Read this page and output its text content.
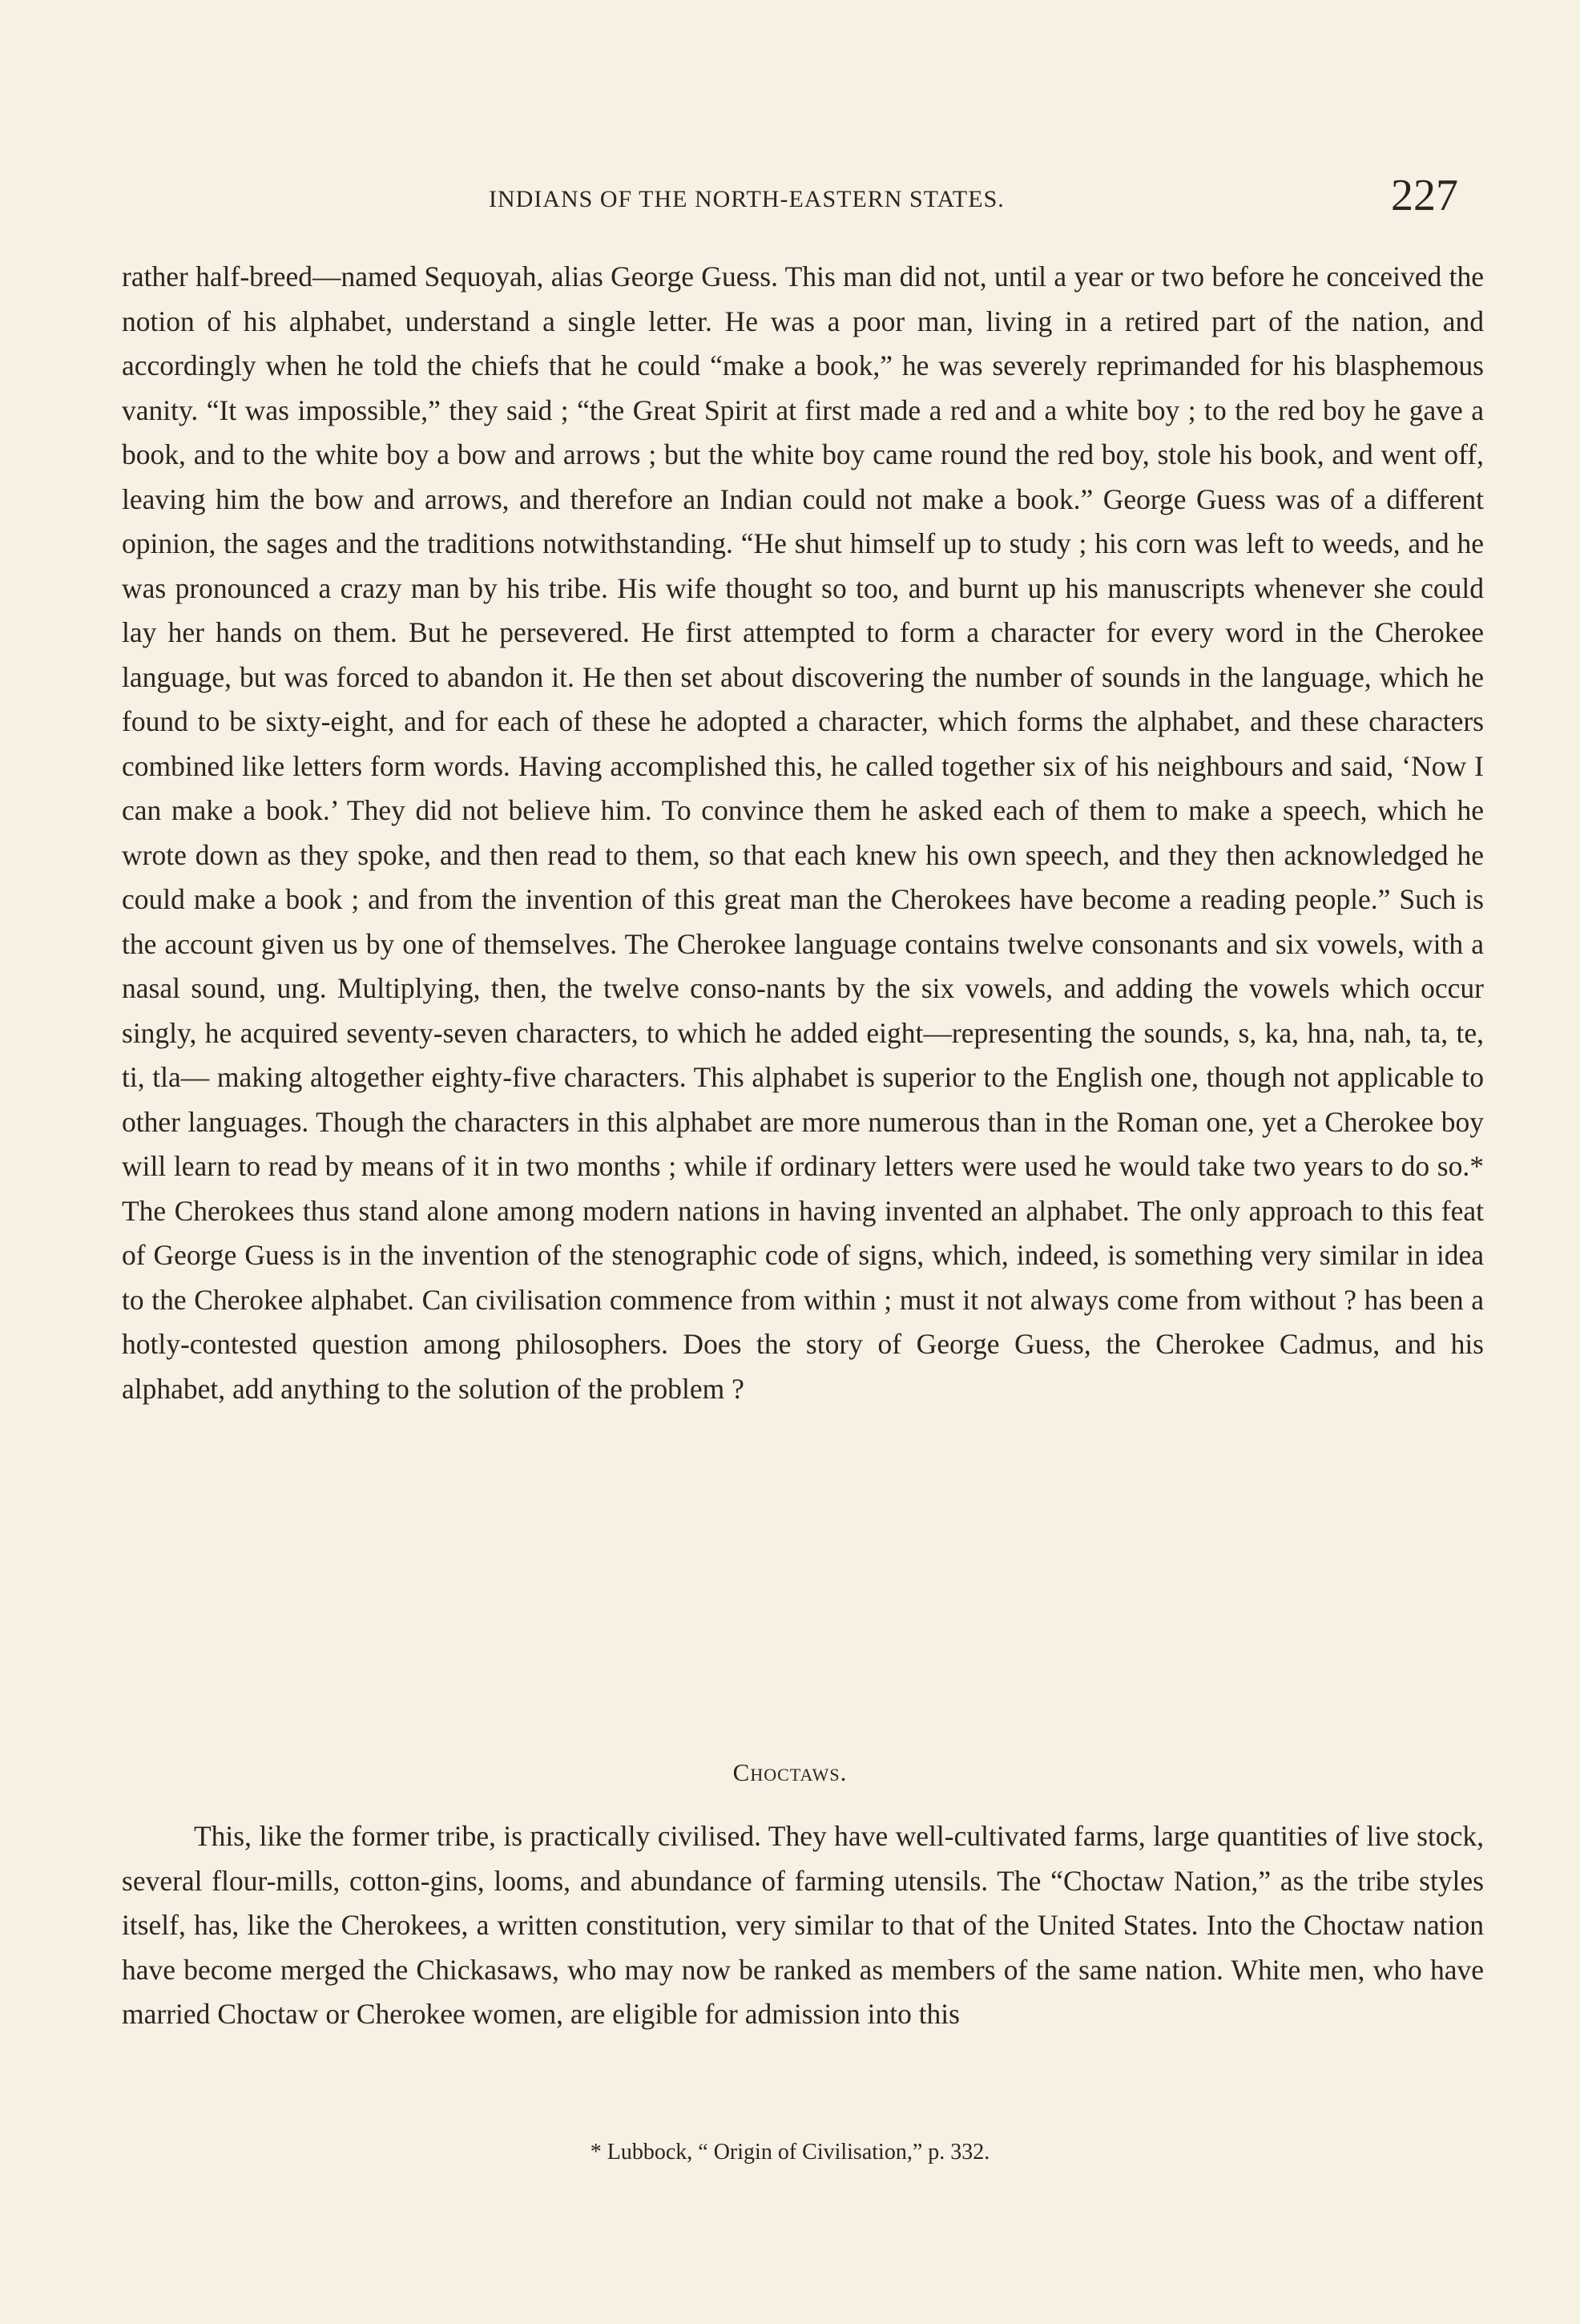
INDIANS OF THE NORTH-EASTERN STATES.	227

rather half-breed—named Sequoyah, alias George Guess. This man did not, until a year or two before he conceived the notion of his alphabet, understand a single letter. He was a poor man, living in a retired part of the nation, and accordingly when he told the chiefs that he could “make a book,” he was severely reprimanded for his blasphemous vanity. “It was impossible,” they said ; “the Great Spirit at first made a red and a white boy ; to the red boy he gave a book, and to the white boy a bow and arrows ; but the white boy came round the red boy, stole his book, and went off, leaving him the bow and arrows, and therefore an Indian could not make a book.” George Guess was of a different opinion, the sages and the traditions notwithstanding. “He shut himself up to study ; his corn was left to weeds, and he was pronounced a crazy man by his tribe. His wife thought so too, and burnt up his manuscripts whenever she could lay her hands on them. But he persevered. He first attempted to form a character for every word in the Cherokee language, but was forced to abandon it. He then set about discovering the number of sounds in the language, which he found to be sixty-eight, and for each of these he adopted a character, which forms the alphabet, and these characters combined like letters form words. Having accomplished this, he called together six of his neighbours and said, ‘Now I can make a book.’ They did not believe him. To convince them he asked each of them to make a speech, which he wrote down as they spoke, and then read to them, so that each knew his own speech, and they then acknowledged he could make a book ; and from the invention of this great man the Cherokees have become a reading people.” Such is the account given us by one of themselves. The Cherokee language contains twelve consonants and six vowels, with a nasal sound, ung. Multiplying, then, the twelve conso-nants by the six vowels, and adding the vowels which occur singly, he acquired seventy-seven characters, to which he added eight—representing the sounds, s, ka, hna, nah, ta, te, ti, tla— making altogether eighty-five characters. This alphabet is superior to the English one, though not applicable to other languages. Though the characters in this alphabet are more numerous than in the Roman one, yet a Cherokee boy will learn to read by means of it in two months ; while if ordinary letters were used he would take two years to do so.* The Cherokees thus stand alone among modern nations in having invented an alphabet. The only approach to this feat of George Guess is in the invention of the stenographic code of signs, which, indeed, is something very similar in idea to the Cherokee alphabet. Can civilisation commence from within ; must it not always come from without ? has been a hotly-contested question among philosophers. Does the story of George Guess, the Cherokee Cadmus, and his alphabet, add anything to the solution of the problem ?

Choctaws.

This, like the former tribe, is practically civilised. They have well-cultivated farms, large quantities of live stock, several flour-mills, cotton-gins, looms, and abundance of farming utensils. The “Choctaw Nation,” as the tribe styles itself, has, like the Cherokees, a written constitution, very similar to that of the United States. Into the Choctaw nation have become merged the Chickasaws, who may now be ranked as members of the same nation. White men, who have married Choctaw or Cherokee women, are eligible for admission into this

* Lubbock, “ Origin of Civilisation,” p. 332.
